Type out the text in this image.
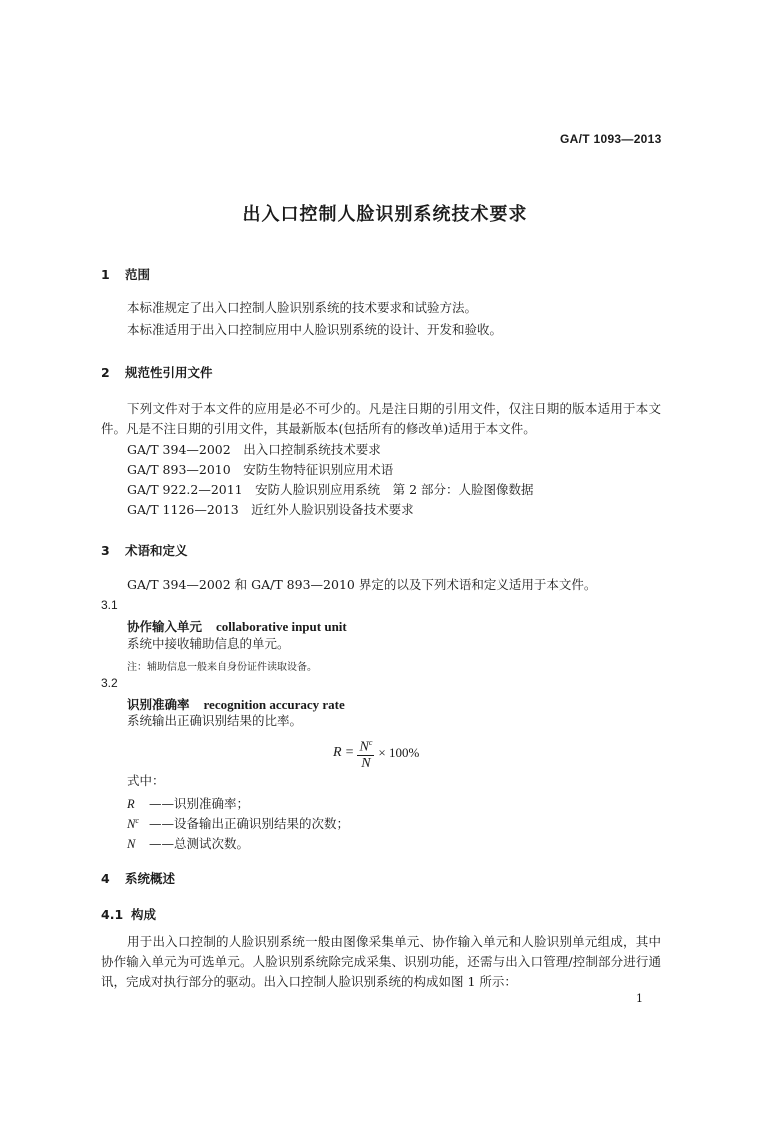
GA/T 1093—2013
出入口控制人脸识别系统技术要求
1 范围
本标准规定了出入口控制人脸识别系统的技术要求和试验方法。
本标准适用于出入口控制应用中人脸识别系统的设计、开发和验收。
2 规范性引用文件
下列文件对于本文件的应用是必不可少的。凡是注日期的引用文件，仅注日期的版本适用于本文件。凡是不注日期的引用文件，其最新版本(包括所有的修改单)适用于本文件。
GA/T 394—2002　出入口控制系统技术要求
GA/T 893—2010　安防生物特征识别应用术语
GA/T 922.2—2011　安防人脸识别应用系统　第 2 部分：人脸图像数据
GA/T 1126—2013　近红外人脸识别设备技术要求
3 术语和定义
GA/T 394—2002 和 GA/T 893—2010 界定的以及下列术语和定义适用于本文件。
3.1
协作输入单元 collaborative input unit
系统中接收辅助信息的单元。
注：辅助信息一般来自身份证件读取设备。
3.2
识别准确率 recognition accuracy rate
系统输出正确识别结果的比率。
$R = \frac{N^c}{N} \times 100\%$
式中：
R ——识别准确率；
$N^c$ ——设备输出正确识别结果的次数；
N ——总测试次数。
4 系统概述
4.1 构成
用于出入口控制的人脸识别系统一般由图像采集单元、协作输入单元和人脸识别单元组成，其中协作输入单元为可选单元。人脸识别系统除完成采集、识别功能，还需与出入口管理/控制部分进行通讯，完成对执行部分的驱动。出入口控制人脸识别系统的构成如图 1 所示：
1
